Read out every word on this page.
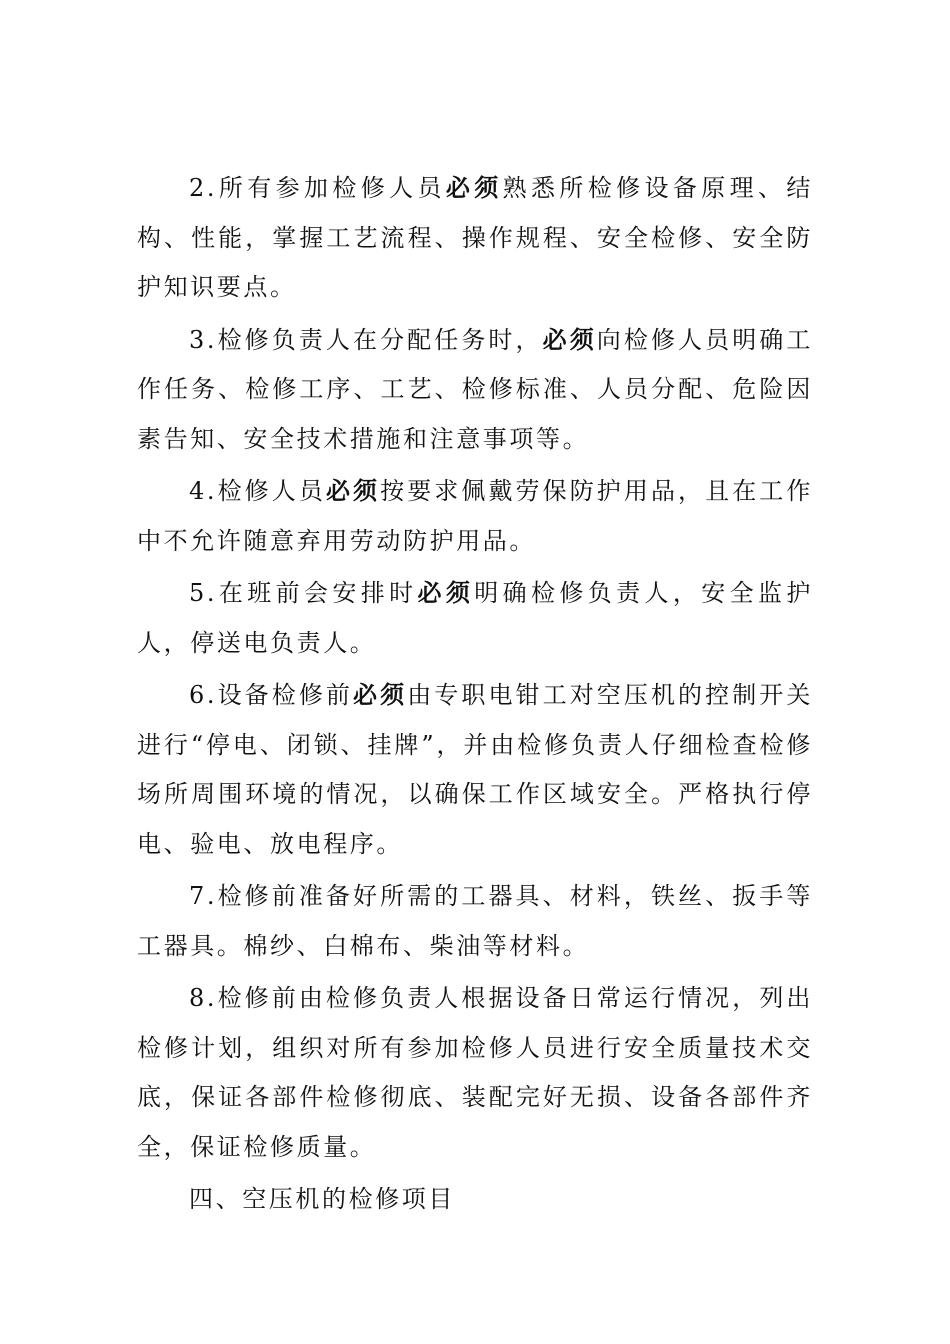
2.所有参加检修人员必须熟悉所检修设备原理、结构、性能，掌握工艺流程、操作规程、安全检修、安全防护知识要点。

3.检修负责人在分配任务时，必须向检修人员明确工作任务、检修工序、工艺、检修标准、人员分配、危险因素告知、安全技术措施和注意事项等。

4.检修人员必须按要求佩戴劳保防护用品，且在工作中不允许随意弃用劳动防护用品。

5.在班前会安排时必须明确检修负责人，安全监护人，停送电负责人。

6.设备检修前必须由专职电钳工对空压机的控制开关进行“停电、闭锁、挂牌”，并由检修负责人仔细检查检修场所周围环境的情况，以确保工作区域安全。严格执行停电、验电、放电程序。

7.检修前准备好所需的工器具、材料，铁丝、扳手等工器具。棉纱、白棉布、柴油等材料。

8.检修前由检修负责人根据设备日常运行情况，列出检修计划，组织对所有参加检修人员进行安全质量技术交底，保证各部件检修彻底、装配完好无损、设备各部件齐全，保证检修质量。

四、空压机的检修项目
